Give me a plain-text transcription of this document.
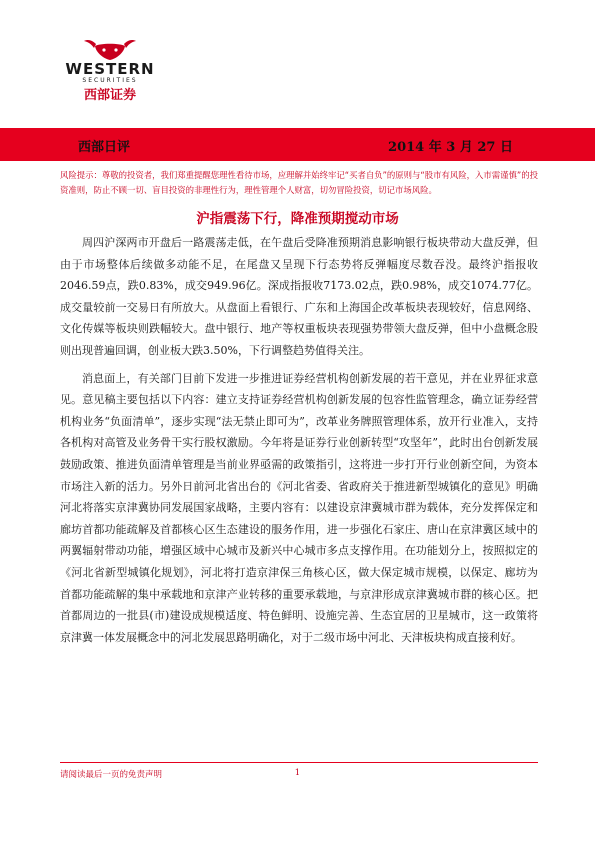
WESTERN
SECURITIES
西部证券
西部日评	2014 年 3 月 27 日
风险提示：尊敬的投资者，我们郑重提醒您理性看待市场，应理解并始终牢记“买者自负”的原则与“股市有风险，入市需谨慎”的投资准则，防止不顾一切、盲目投资的非理性行为，理性管理个人财富，切勿冒险投资，切记市场风险。
沪指震荡下行，降准预期搅动市场

周四沪深两市开盘后一路震荡走低，在午盘后受降准预期消息影响银行板块带动大盘反弹，但由于市场整体后续做多动能不足，在尾盘又呈现下行态势将反弹幅度尽数吞没。最终沪指报收2046.59点，跌0.83%，成交949.96亿。深成指报收7173.02点，跌0.98%，成交1074.77亿。成交量较前一交易日有所放大。从盘面上看银行、广东和上海国企改革板块表现较好，信息网络、文化传媒等板块则跌幅较大。盘中银行、地产等权重板块表现强势带领大盘反弹，但中小盘概念股则出现普遍回调，创业板大跌3.50%，下行调整趋势值得关注。

消息面上，有关部门目前下发进一步推进证券经营机构创新发展的若干意见，并在业界征求意见。意见稿主要包括以下内容：建立支持证券经营机构创新发展的包容性监管理念，确立证券经营机构业务“负面清单”，逐步实现“法无禁止即可为”，改革业务牌照管理体系，放开行业准入，支持各机构对高管及业务骨干实行股权激励。今年将是证券行业创新转型“攻坚年”，此时出台创新发展鼓励政策、推进负面清单管理是当前业界亟需的政策指引，这将进一步打开行业创新空间，为资本市场注入新的活力。另外日前河北省出台的《河北省委、省政府关于推进新型城镇化的意见》明确河北将落实京津冀协同发展国家战略，主要内容有：以建设京津冀城市群为载体，充分发挥保定和廊坊首都功能疏解及首都核心区生态建设的服务作用，进一步强化石家庄、唐山在京津冀区域中的两翼辐射带动功能，增强区域中心城市及新兴中心城市多点支撑作用。在功能划分上，按照拟定的《河北省新型城镇化规划》，河北将打造京津保三角核心区，做大保定城市规模，以保定、廊坊为首都功能疏解的集中承载地和京津产业转移的重要承载地，与京津形成京津冀城市群的核心区。把首都周边的一批县(市)建设成规模适度、特色鲜明、设施完善、生态宜居的卫星城市，这一政策将京津冀一体发展概念中的河北发展思路明确化，对于二级市场中河北、天津板块构成直接利好。

请阅读最后一页的免责声明	1
